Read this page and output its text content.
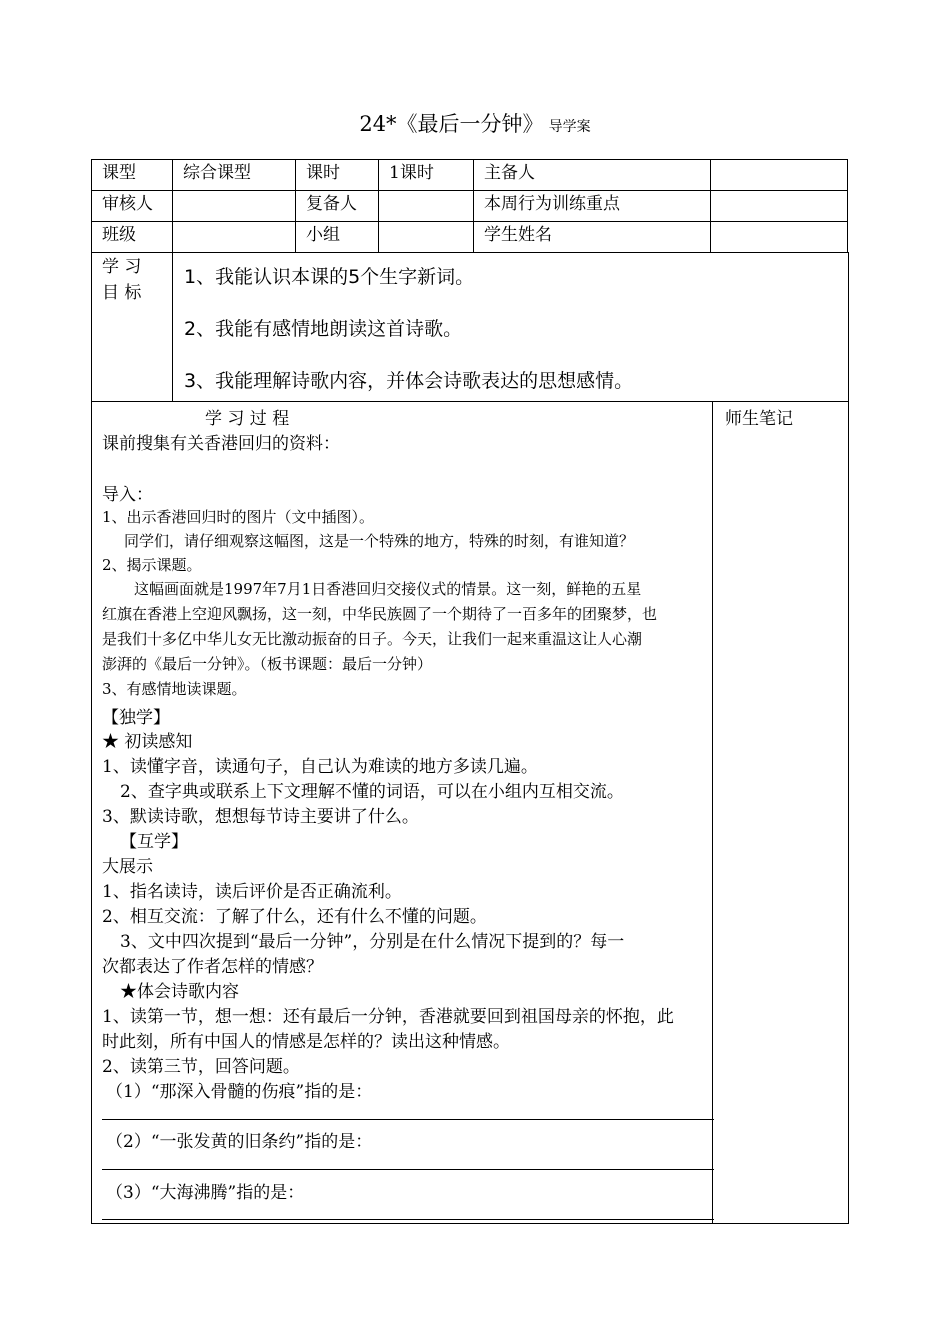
24*《最后一分钟》 导学案
课型	综合课型	课时	1课时	主备人	
审核人		复备人		本周行为训练重点	
班级		小组		学生姓名	
学 习
目 标
1、我能认识本课的5个生字新词。
2、我能有感情地朗读这首诗歌。
3、我能理解诗歌内容，并体会诗歌表达的思想感情。
学 习 过 程
课前搜集有关香港回归的资料：
导入：
1、出示香港回归时的图片（文中插图）。
同学们，请仔细观察这幅图，这是一个特殊的地方，特殊的时刻，有谁知道？
2、揭示课题。
这幅画面就是1997年7月1日香港回归交接仪式的情景。这一刻，鲜艳的五星
红旗在香港上空迎风飘扬，这一刻，中华民族圆了一个期待了一百多年的团聚梦，也
是我们十多亿中华儿女无比激动振奋的日子。今天，让我们一起来重温这让人心潮
澎湃的《最后一分钟》。（板书课题：最后一分钟）
3、有感情地读课题。
【独学】
★ 初读感知
1、读懂字音，读通句子，自己认为难读的地方多读几遍。
2、查字典或联系上下文理解不懂的词语，可以在小组内互相交流。
3、默读诗歌，想想每节诗主要讲了什么。
【互学】
大展示
1、指名读诗，读后评价是否正确流利。
2、相互交流：了解了什么，还有什么不懂的问题。
3、文中四次提到“最后一分钟”，分别是在什么情况下提到的？每一
次都表达了作者怎样的情感？
★体会诗歌内容
1、读第一节，想一想：还有最后一分钟，香港就要回到祖国母亲的怀抱，此
时此刻，所有中国人的情感是怎样的？读出这种情感。
2、读第三节，回答问题。
（1）“那深入骨髓的伤痕”指的是：
（2）“一张发黄的旧条约”指的是：
（3）“大海沸腾”指的是：
师生笔记
